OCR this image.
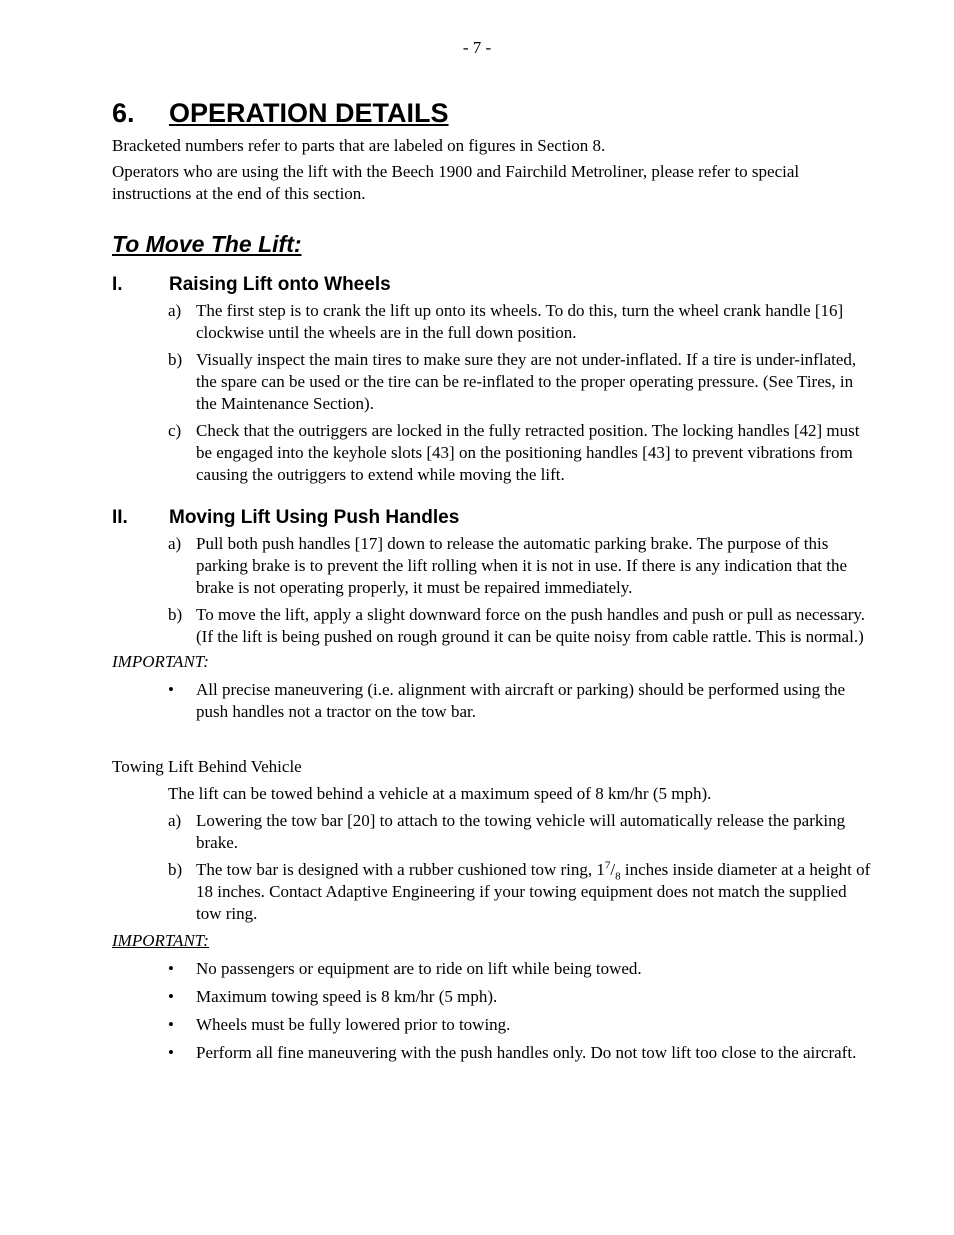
- 7 -
6. OPERATION DETAILS

Bracketed numbers refer to parts that are labeled on figures in Section 8.

Operators who are using the lift with the Beech 1900 and Fairchild Metroliner, please refer to special instructions at the end of this section.

To Move The Lift:
I. Raising Lift onto Wheels
a) The first step is to crank the lift up onto its wheels. To do this, turn the wheel crank handle [16] clockwise until the wheels are in the full down position.
b) Visually inspect the main tires to make sure they are not under-inflated. If a tire is under-inflated, the spare can be used or the tire can be re-inflated to the proper operating pressure. (See Tires, in the Maintenance Section).
c) Check that the outriggers are locked in the fully retracted position. The locking handles [42] must be engaged into the keyhole slots [43] on the positioning handles [43] to prevent vibrations from causing the outriggers to extend while moving the lift.
II. Moving Lift Using Push Handles
a) Pull both push handles [17] down to release the automatic parking brake. The purpose of this parking brake is to prevent the lift rolling when it is not in use. If there is any indication that the brake is not operating properly, it must be repaired immediately.
b) To move the lift, apply a slight downward force on the push handles and push or pull as necessary. (If the lift is being pushed on rough ground it can be quite noisy from cable rattle. This is normal.)

IMPORTANT:

• All precise maneuvering (i.e. alignment with aircraft or parking) should be performed using the push handles not a tractor on the tow bar.

Towing Lift Behind Vehicle

The lift can be towed behind a vehicle at a maximum speed of 8 km/hr (5 mph).

a) Lowering the tow bar [20] to attach to the towing vehicle will automatically release the parking brake.
b) The tow bar is designed with a rubber cushioned tow ring, $1^7/_8$ inches inside diameter at a height of 18 inches. Contact Adaptive Engineering if your towing equipment does not match the supplied tow ring.

IMPORTANT:

• No passengers or equipment are to ride on lift while being towed.
• Maximum towing speed is 8 km/hr (5 mph).
• Wheels must be fully lowered prior to towing.
• Perform all fine maneuvering with the push handles only. Do not tow lift too close to the aircraft.
